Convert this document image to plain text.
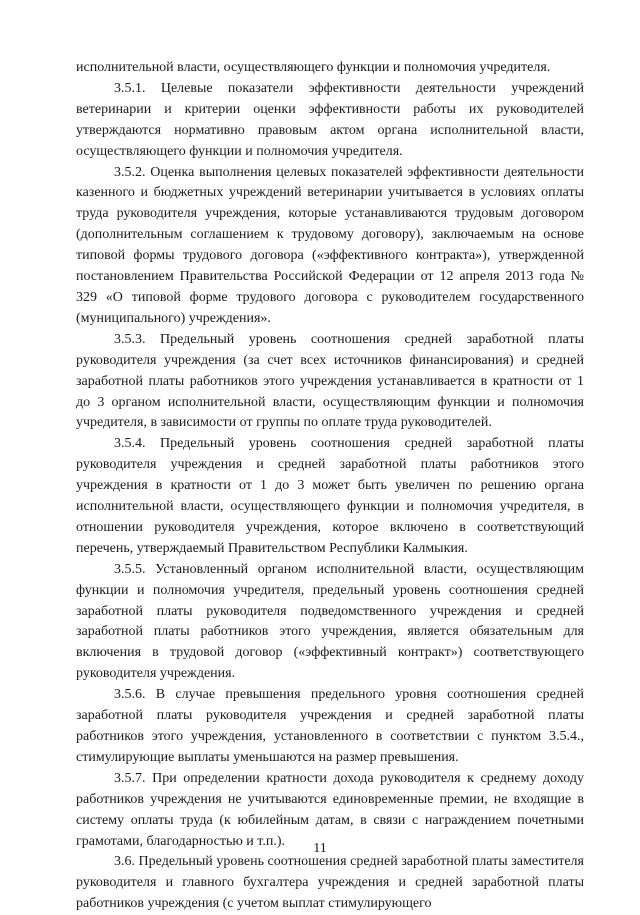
исполнительной власти, осуществляющего функции и полномочия учредителя.

3.5.1. Целевые показатели эффективности деятельности учреждений ветеринарии и критерии оценки эффективности работы их руководителей утверждаются нормативно правовым актом органа исполнительной власти, осуществляющего функции и полномочия учредителя.

3.5.2. Оценка выполнения целевых показателей эффективности деятельности казенного и бюджетных учреждений ветеринарии учитывается в условиях оплаты труда руководителя учреждения, которые устанавливаются трудовым договором (дополнительным соглашением к трудовому договору), заключаемым на основе типовой формы трудового договора («эффективного контракта»), утвержденной постановлением Правительства Российской Федерации от 12 апреля 2013 года № 329 «О типовой форме трудового договора с руководителем государственного (муниципального) учреждения».

3.5.3. Предельный уровень соотношения средней заработной платы руководителя учреждения (за счет всех источников финансирования) и средней заработной платы работников этого учреждения устанавливается в кратности от 1 до 3 органом исполнительной власти, осуществляющим функции и полномочия учредителя, в зависимости от группы по оплате труда руководителей.

3.5.4. Предельный уровень соотношения средней заработной платы руководителя учреждения и средней заработной платы работников этого учреждения в кратности от 1 до 3 может быть увеличен по решению органа исполнительной власти, осуществляющего функции и полномочия учредителя, в отношении руководителя учреждения, которое включено в соответствующий перечень, утверждаемый Правительством Республики Калмыкия.

3.5.5. Установленный органом исполнительной власти, осуществляющим функции и полномочия учредителя, предельный уровень соотношения средней заработной платы руководителя подведомственного учреждения и средней заработной платы работников этого учреждения, является обязательным для включения в трудовой договор («эффективный контракт») соответствующего руководителя учреждения.

3.5.6. В случае превышения предельного уровня соотношения средней заработной платы руководителя учреждения и средней заработной платы работников этого учреждения, установленного в соответствии с пунктом 3.5.4., стимулирующие выплаты уменьшаются на размер превышения.

3.5.7. При определении кратности дохода руководителя к среднему доходу работников учреждения не учитываются единовременные премии, не входящие в систему оплаты труда (к юбилейным датам, в связи с награждением почетными грамотами, благодарностью и т.п.).

3.6. Предельный уровень соотношения средней заработной платы заместителя руководителя и главного бухгалтера учреждения и средней заработной платы работников учреждения (с учетом выплат стимулирующего

11
